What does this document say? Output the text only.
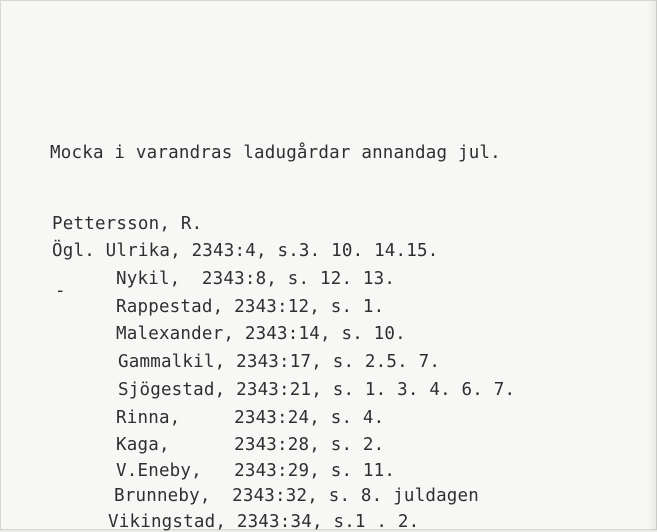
Mocka i varandras ladugårdar annandag jul.
Pettersson, R.
Ögl. Ulrika, 2343:4, s.3. 10. 14.15.
-
Nykil,  2343:8, s. 12. 13.
Rappestad, 2343:12, s. 1.
Malexander, 2343:14, s. 10.
Gammalkil, 2343:17, s. 2.5. 7.
Sjögestad, 2343:21, s. 1. 3. 4. 6. 7.
Rinna,     2343:24, s. 4.
Kaga,      2343:28, s. 2.
V.Eneby,   2343:29, s. 11.
Brunneby,  2343:32, s. 8. juldagen
Vikingstad, 2343:34, s.1 . 2.
